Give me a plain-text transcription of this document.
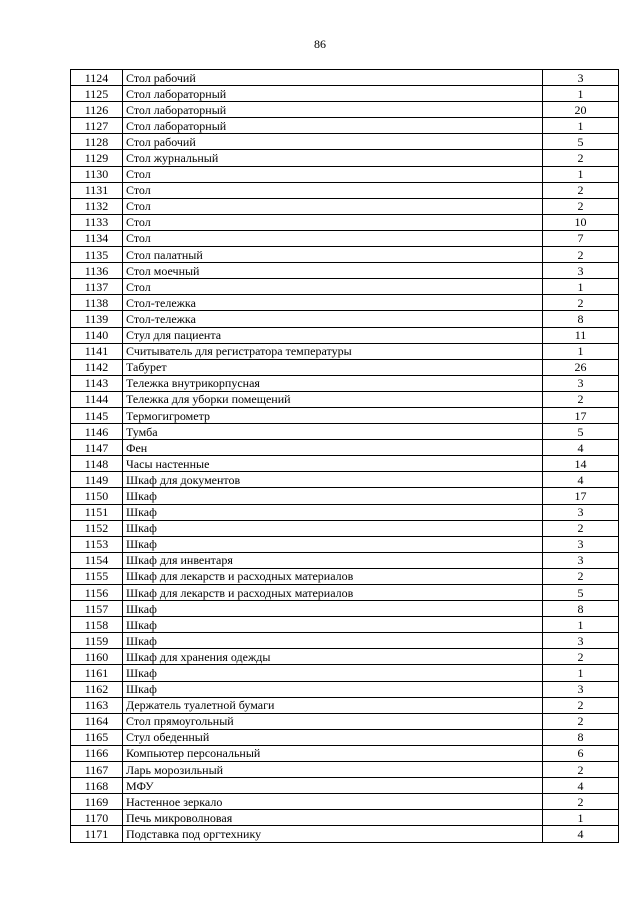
86
1124	Стол рабочий	3
1125	Стол лабораторный	1
1126	Стол лабораторный	20
1127	Стол лабораторный	1
1128	Стол рабочий	5
1129	Стол журнальный	2
1130	Стол	1
1131	Стол	2
1132	Стол	2
1133	Стол	10
1134	Стол	7
1135	Стол палатный	2
1136	Стол моечный	3
1137	Стол	1
1138	Стол-тележка	2
1139	Стол-тележка	8
1140	Стул для пациента	11
1141	Считыватель для регистратора температуры	1
1142	Табурет	26
1143	Тележка внутрикорпусная	3
1144	Тележка для уборки помещений	2
1145	Термогигрометр	17
1146	Тумба	5
1147	Фен	4
1148	Часы настенные	14
1149	Шкаф для документов	4
1150	Шкаф	17
1151	Шкаф	3
1152	Шкаф	2
1153	Шкаф	3
1154	Шкаф для инвентаря	3
1155	Шкаф для лекарств и расходных материалов	2
1156	Шкаф для лекарств и расходных материалов	5
1157	Шкаф	8
1158	Шкаф	1
1159	Шкаф	3
1160	Шкаф для хранения одежды	2
1161	Шкаф	1
1162	Шкаф	3
1163	Держатель туалетной бумаги	2
1164	Стол прямоугольный	2
1165	Стул обеденный	8
1166	Компьютер персональный	6
1167	Ларь морозильный	2
1168	МФУ	4
1169	Настенное зеркало	2
1170	Печь микроволновая	1
1171	Подставка под оргтехнику	4
